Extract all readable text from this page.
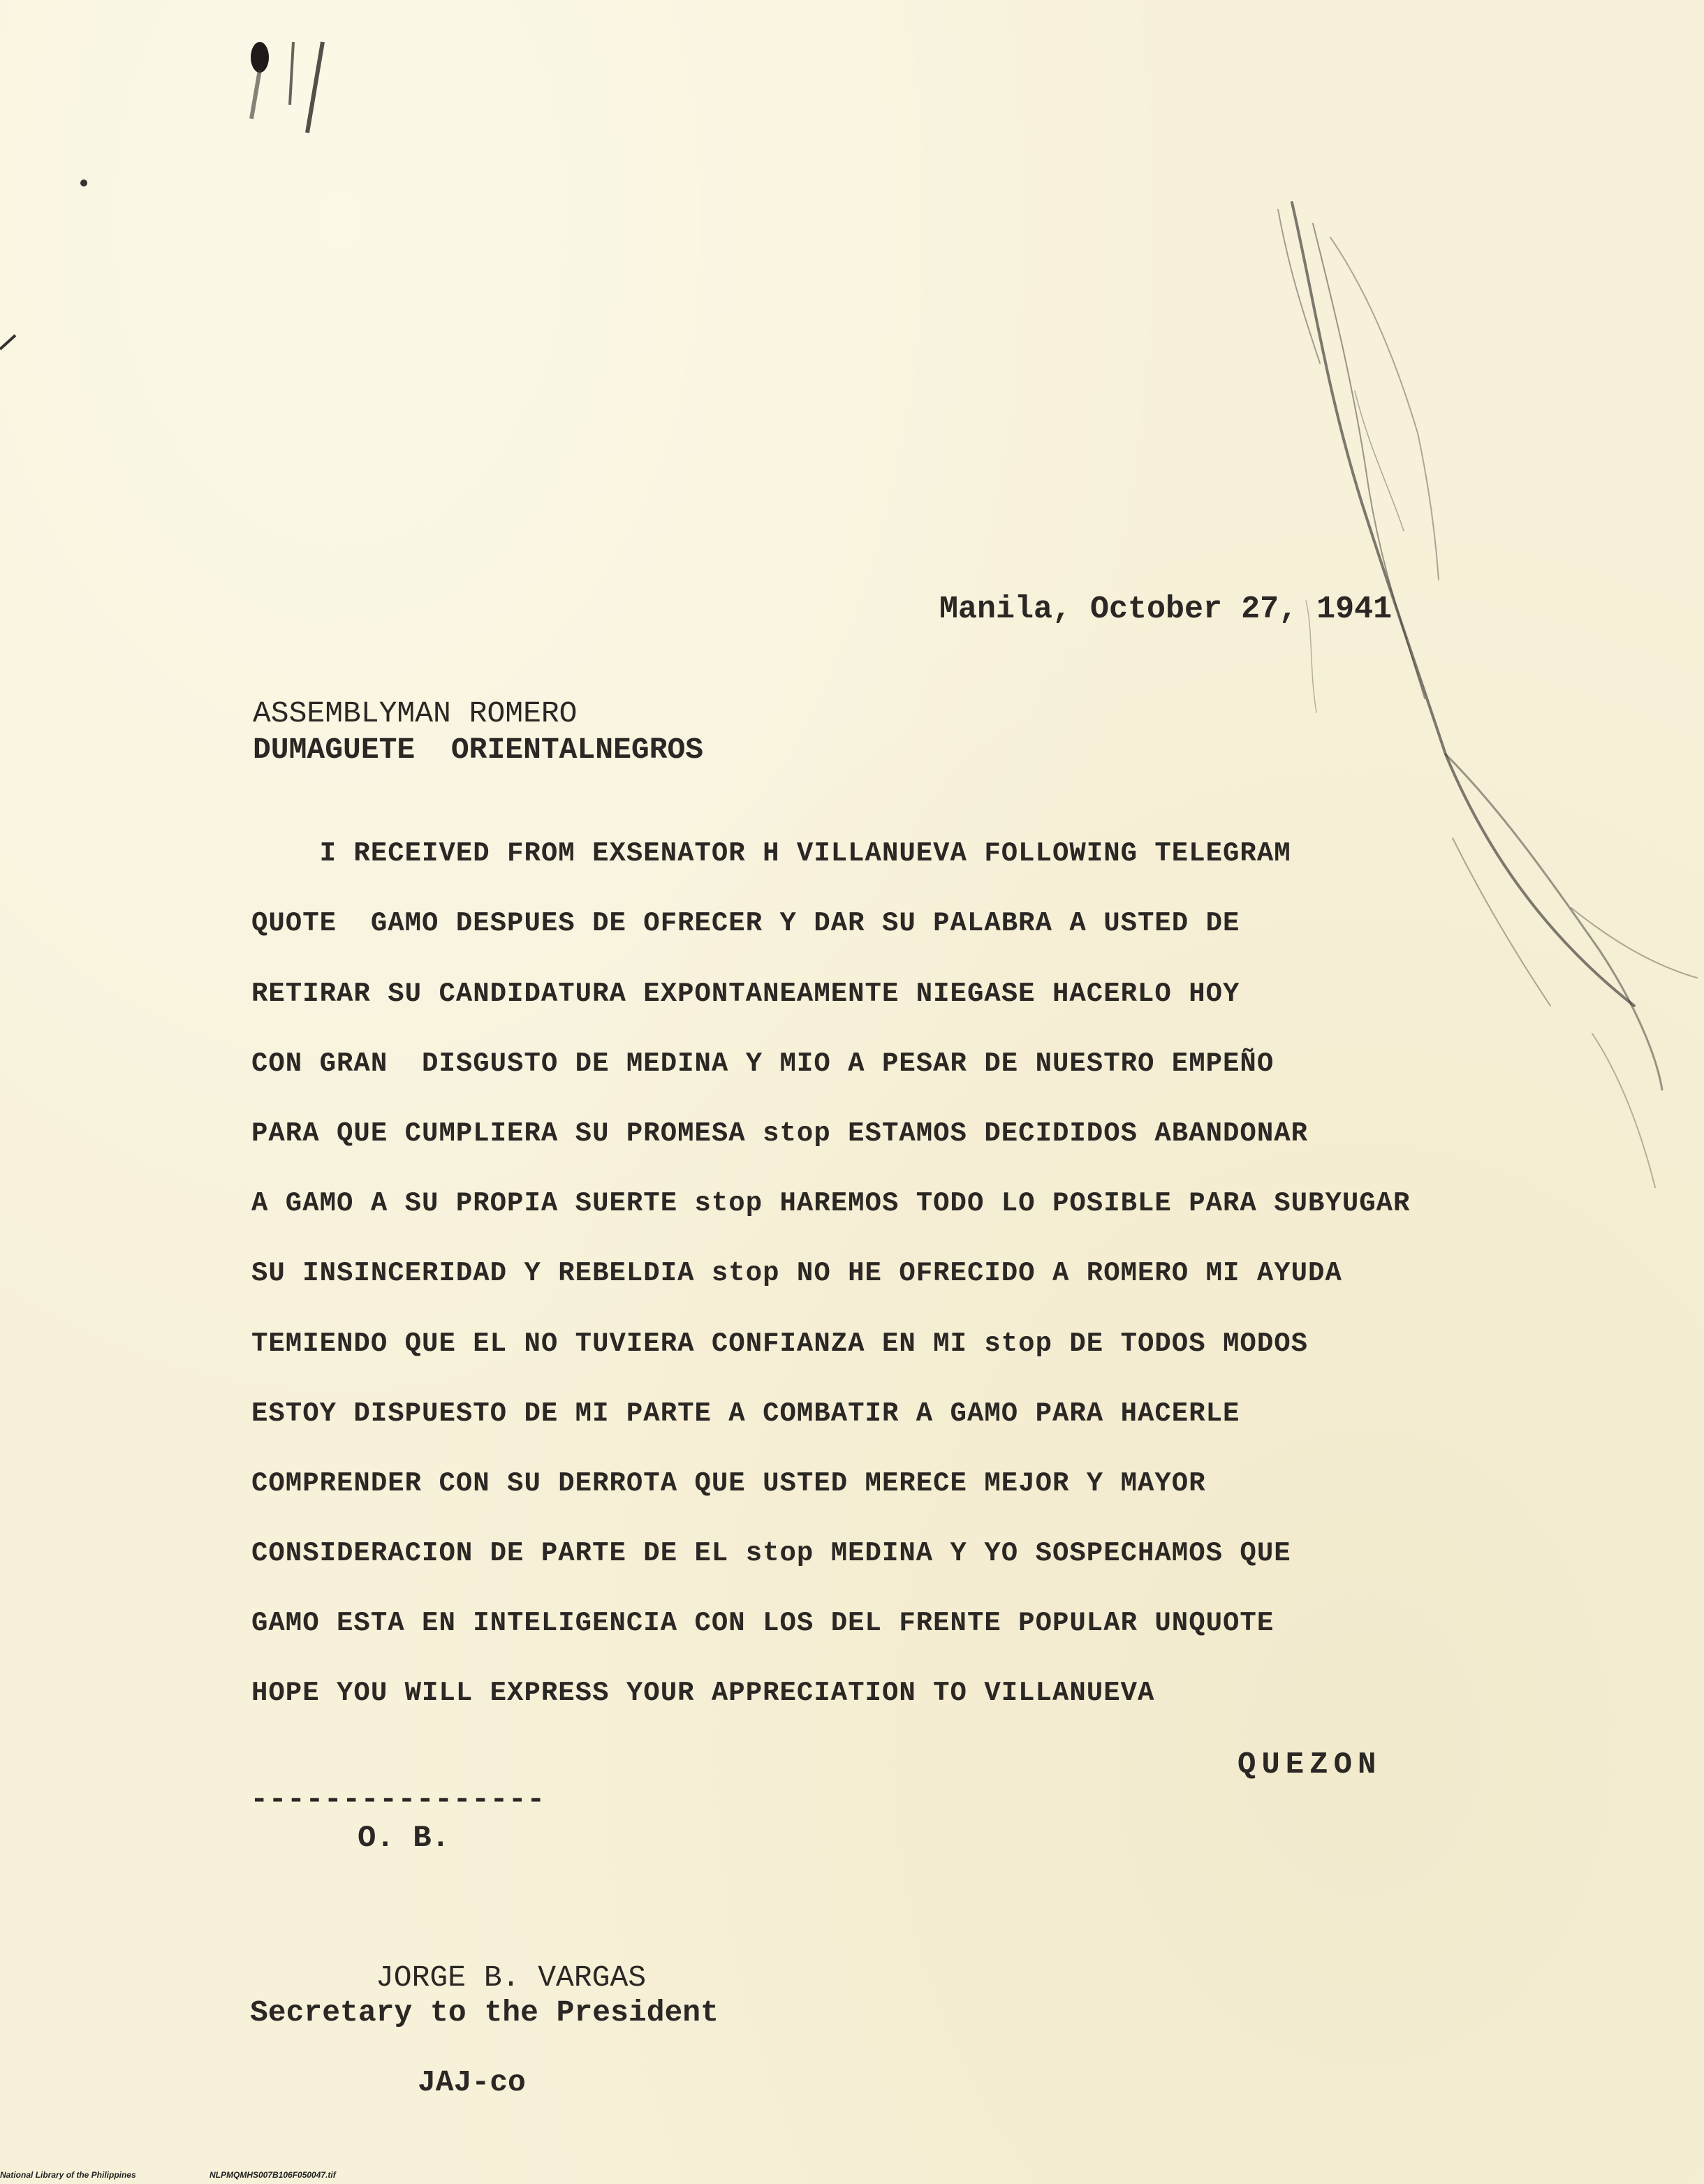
Manila, October 27, 1941
ASSEMBLYMAN ROMERO
DUMAGUETE  ORIENTALNEGROS
I RECEIVED FROM EXSENATOR H VILLANUEVA FOLLOWING TELEGRAM
QUOTE  GAMO DESPUES DE OFRECER Y DAR SU PALABRA A USTED DE
RETIRAR SU CANDIDATURA EXPONTANEAMENTE NIEGASE HACERLO HOY
CON GRAN  DISGUSTO DE MEDINA Y MIO A PESAR DE NUESTRO EMPEÑO
PARA QUE CUMPLIERA SU PROMESA stop ESTAMOS DECIDIDOS ABANDONAR
A GAMO A SU PROPIA SUERTE stop HAREMOS TODO LO POSIBLE PARA SUBYUGAR
SU INSINCERIDAD Y REBELDIA stop NO HE OFRECIDO A ROMERO MI AYUDA
TEMIENDO QUE EL NO TUVIERA CONFIANZA EN MI stop DE TODOS MODOS
ESTOY DISPUESTO DE MI PARTE A COMBATIR A GAMO PARA HACERLE
COMPRENDER CON SU DERROTA QUE USTED MERECE MEJOR Y MAYOR
CONSIDERACION DE PARTE DE EL stop MEDINA Y YO SOSPECHAMOS QUE
GAMO ESTA EN INTELIGENCIA CON LOS DEL FRENTE POPULAR UNQUOTE
HOPE YOU WILL EXPRESS YOUR APPRECIATION TO VILLANUEVA
QUEZON
----------------
O. B.
JORGE B. VARGAS
Secretary to the President
JAJ-co
National Library of the Philippines	NLPMQMHS007B106F050047.tif
